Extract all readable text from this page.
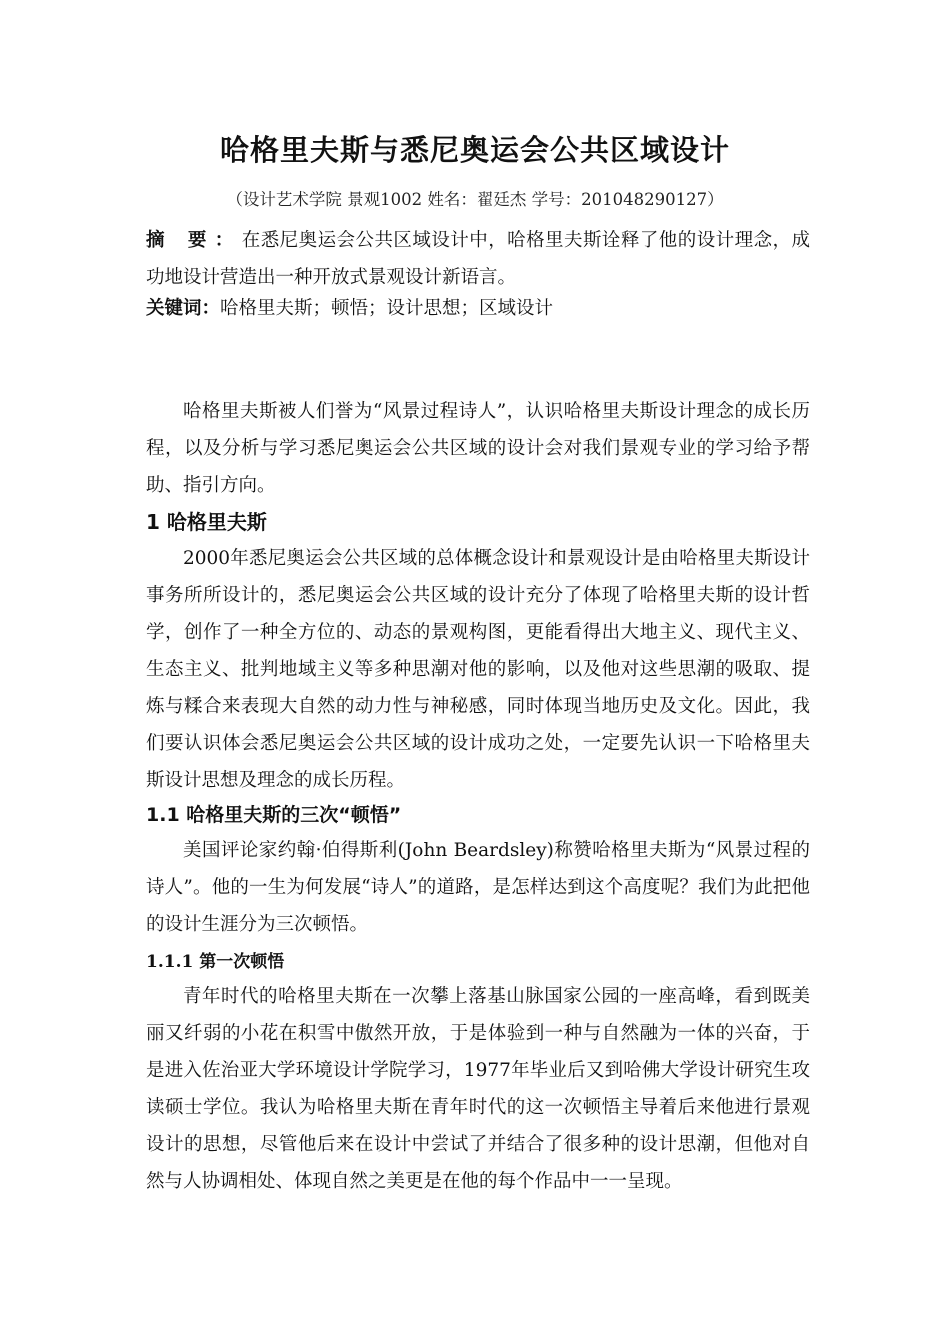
哈格里夫斯与悉尼奥运会公共区域设计

（设计艺术学院 景观1002 姓名：翟廷杰 学号：201048290127）

摘 要：在悉尼奥运会公共区域设计中，哈格里夫斯诠释了他的设计理念，成功地设计营造出一种开放式景观设计新语言。

关键词：哈格里夫斯；顿悟；设计思想；区域设计

哈格里夫斯被人们誉为“风景过程诗人”，认识哈格里夫斯设计理念的成长历程，以及分析与学习悉尼奥运会公共区域的设计会对我们景观专业的学习给予帮助、指引方向。

1 哈格里夫斯

2000年悉尼奥运会公共区域的总体概念设计和景观设计是由哈格里夫斯设计事务所所设计的，悉尼奥运会公共区域的设计充分了体现了哈格里夫斯的设计哲学，创作了一种全方位的、动态的景观构图，更能看得出大地主义、现代主义、生态主义、批判地域主义等多种思潮对他的影响，以及他对这些思潮的吸取、提炼与糅合来表现大自然的动力性与神秘感，同时体现当地历史及文化。因此，我们要认识体会悉尼奥运会公共区域的设计成功之处，一定要先认识一下哈格里夫斯设计思想及理念的成长历程。

1.1 哈格里夫斯的三次“顿悟”

美国评论家约翰·伯得斯利(John Beardsley)称赞哈格里夫斯为“风景过程的诗人”。他的一生为何发展“诗人”的道路，是怎样达到这个高度呢？我们为此把他的设计生涯分为三次顿悟。

1.1.1 第一次顿悟

青年时代的哈格里夫斯在一次攀上落基山脉国家公园的一座高峰，看到既美丽又纤弱的小花在积雪中傲然开放，于是体验到一种与自然融为一体的兴奋，于是进入佐治亚大学环境设计学院学习，1977年毕业后又到哈佛大学设计研究生攻读硕士学位。我认为哈格里夫斯在青年时代的这一次顿悟主导着后来他进行景观设计的思想，尽管他后来在设计中尝试了并结合了很多种的设计思潮，但他对自然与人协调相处、体现自然之美更是在他的每个作品中一一呈现。
